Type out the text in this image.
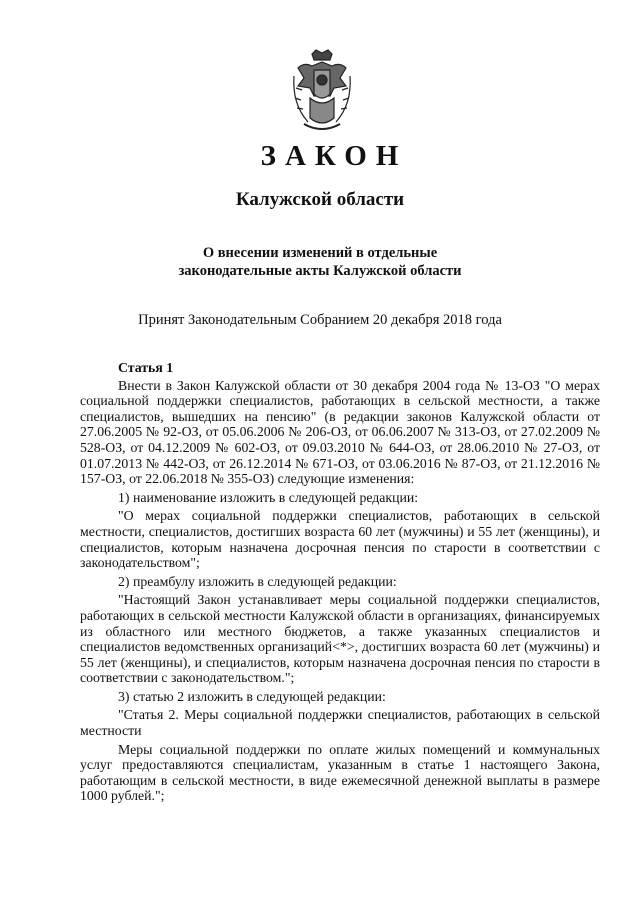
ЗАКОН
Калужской области
О внесении изменений в отдельные
законодательные акты Калужской области
Принят Законодательным Собранием 20 декабря 2018 года

Статья 1

Внести в Закон Калужской области от 30 декабря 2004 года № 13-ОЗ "О мерах социальной поддержки специалистов, работающих в сельской местности, а также специалистов, вышедших на пенсию" (в редакции законов Калужской области от 27.06.2005 № 92-ОЗ, от 05.06.2006 № 206-ОЗ, от 06.06.2007 № 313-ОЗ, от 27.02.2009 № 528-ОЗ, от 04.12.2009 № 602-ОЗ, от 09.03.2010 № 644-ОЗ, от 28.06.2010 № 27-ОЗ, от 01.07.2013 № 442-ОЗ, от 26.12.2014 № 671-ОЗ, от 03.06.2016 № 87-ОЗ, от 21.12.2016 № 157-ОЗ, от 22.06.2018 № 355-ОЗ) следующие изменения:

1) наименование изложить в следующей редакции:

"О мерах социальной поддержки специалистов, работающих в сельской местности, специалистов, достигших возраста 60 лет (мужчины) и 55 лет (женщины), и специалистов, которым назначена досрочная пенсия по старости в соответствии с законодательством";

2) преамбулу изложить в следующей редакции:

"Настоящий Закон устанавливает меры социальной поддержки специалистов, работающих в сельской местности Калужской области в организациях, финансируемых из областного или местного бюджетов, а также указанных специалистов и специалистов ведомственных организаций<*>, достигших возраста 60 лет (мужчины) и 55 лет (женщины), и специалистов, которым назначена досрочная пенсия по старости в соответствии с законодательством.";

3) статью 2 изложить в следующей редакции:

"Статья 2. Меры социальной поддержки специалистов, работающих в сельской местности

Меры социальной поддержки по оплате жилых помещений и коммунальных услуг предоставляются специалистам, указанным в статье 1 настоящего Закона, работающим в сельской местности, в виде ежемесячной денежной выплаты в размере 1000 рублей.";
